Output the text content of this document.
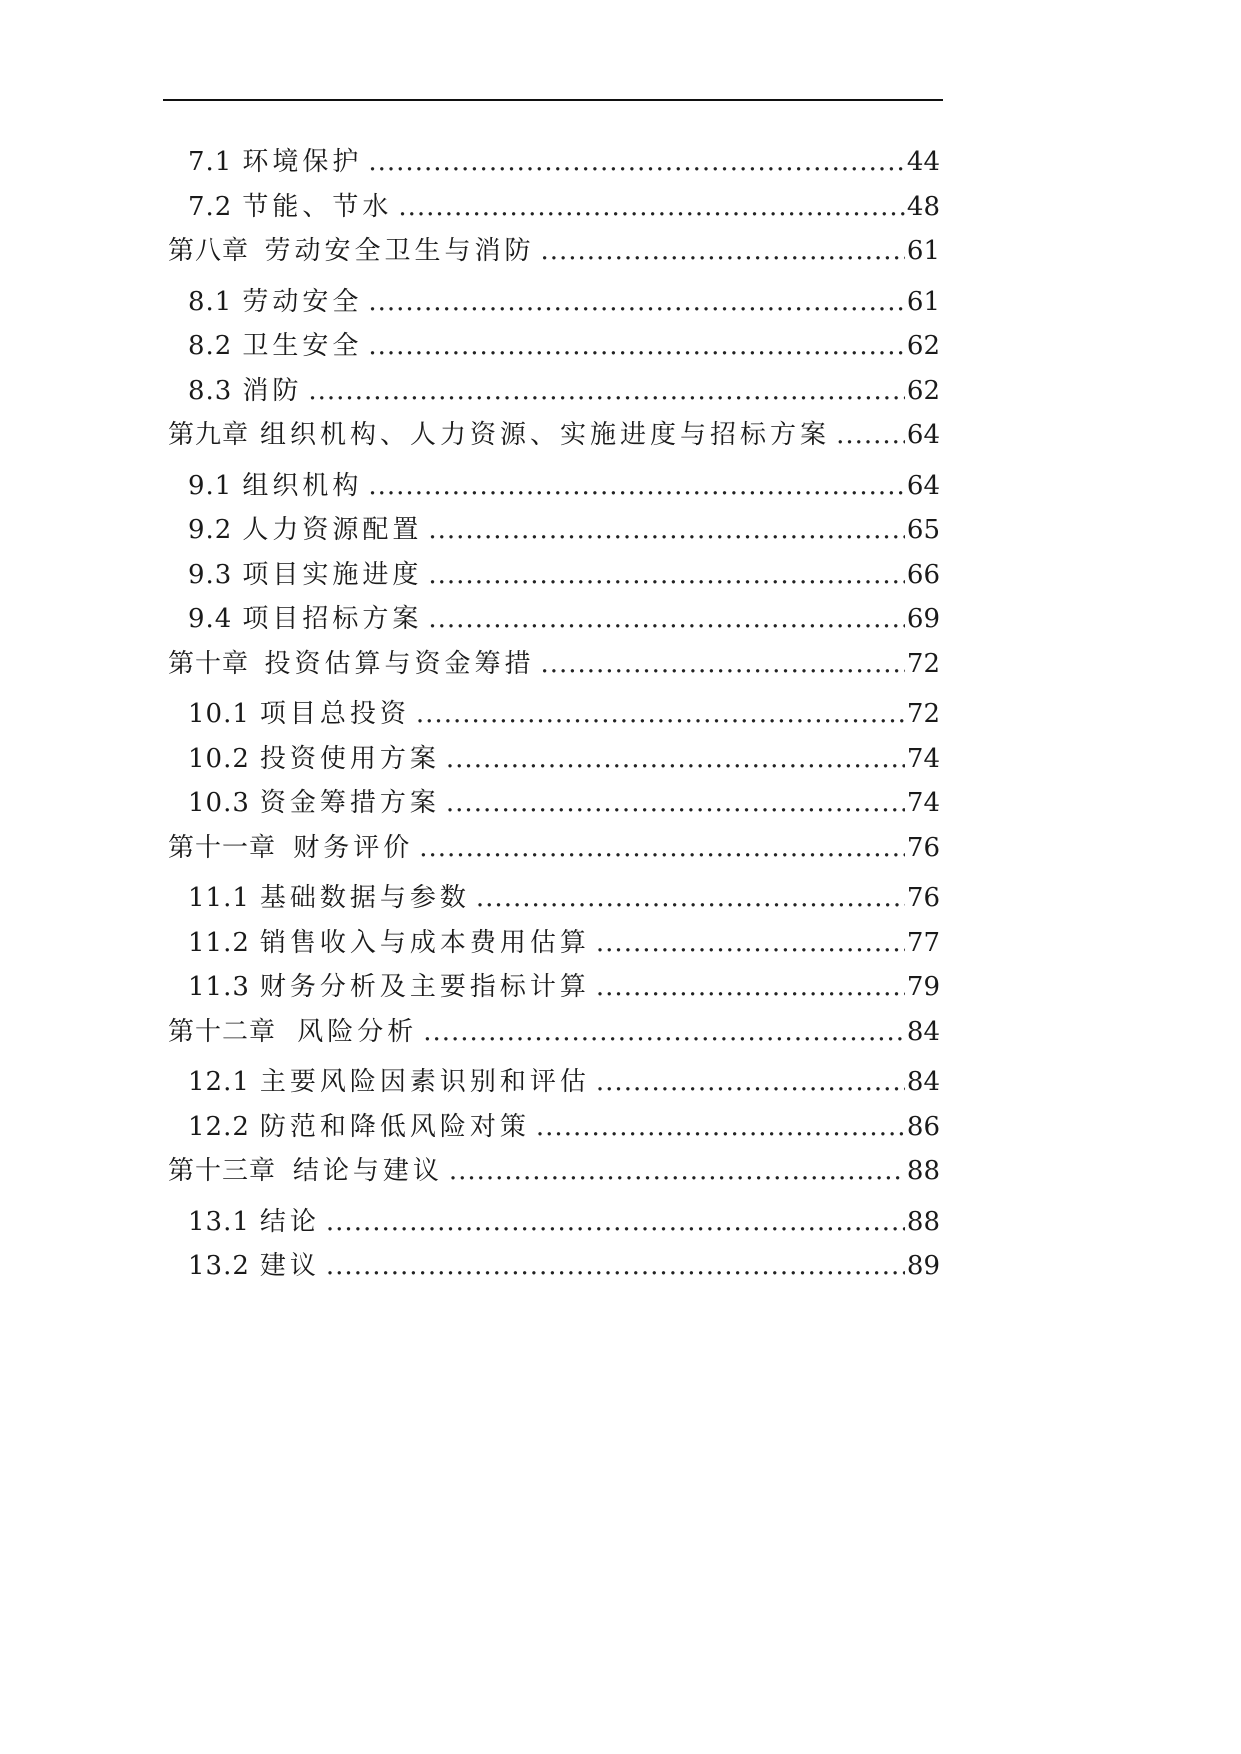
7.1 环境保护 .....	44
7.2 节能、节水 .....	48
第八章 劳动安全卫生与消防 .....	61
8.1 劳动安全 .....	61
8.2 卫生安全 .....	62
8.3 消防 .....	62
第九章 组织机构、人力资源、实施进度与招标方案 .....	64
9.1 组织机构 .....	64
9.2 人力资源配置 .....	65
9.3 项目实施进度 .....	66
9.4 项目招标方案 .....	69
第十章 投资估算与资金筹措 .....	72
10.1 项目总投资 .....	72
10.2 投资使用方案 .....	74
10.3 资金筹措方案 .....	74
第十一章 财务评价 .....	76
11.1 基础数据与参数 .....	76
11.2 销售收入与成本费用估算 .....	77
11.3 财务分析及主要指标计算 .....	79
第十二章 风险分析 .....	84
12.1 主要风险因素识别和评估 .....	84
12.2 防范和降低风险对策 .....	86
第十三章 结论与建议 .....	88
13.1 结论 .....	88
13.2 建议 .....	89
